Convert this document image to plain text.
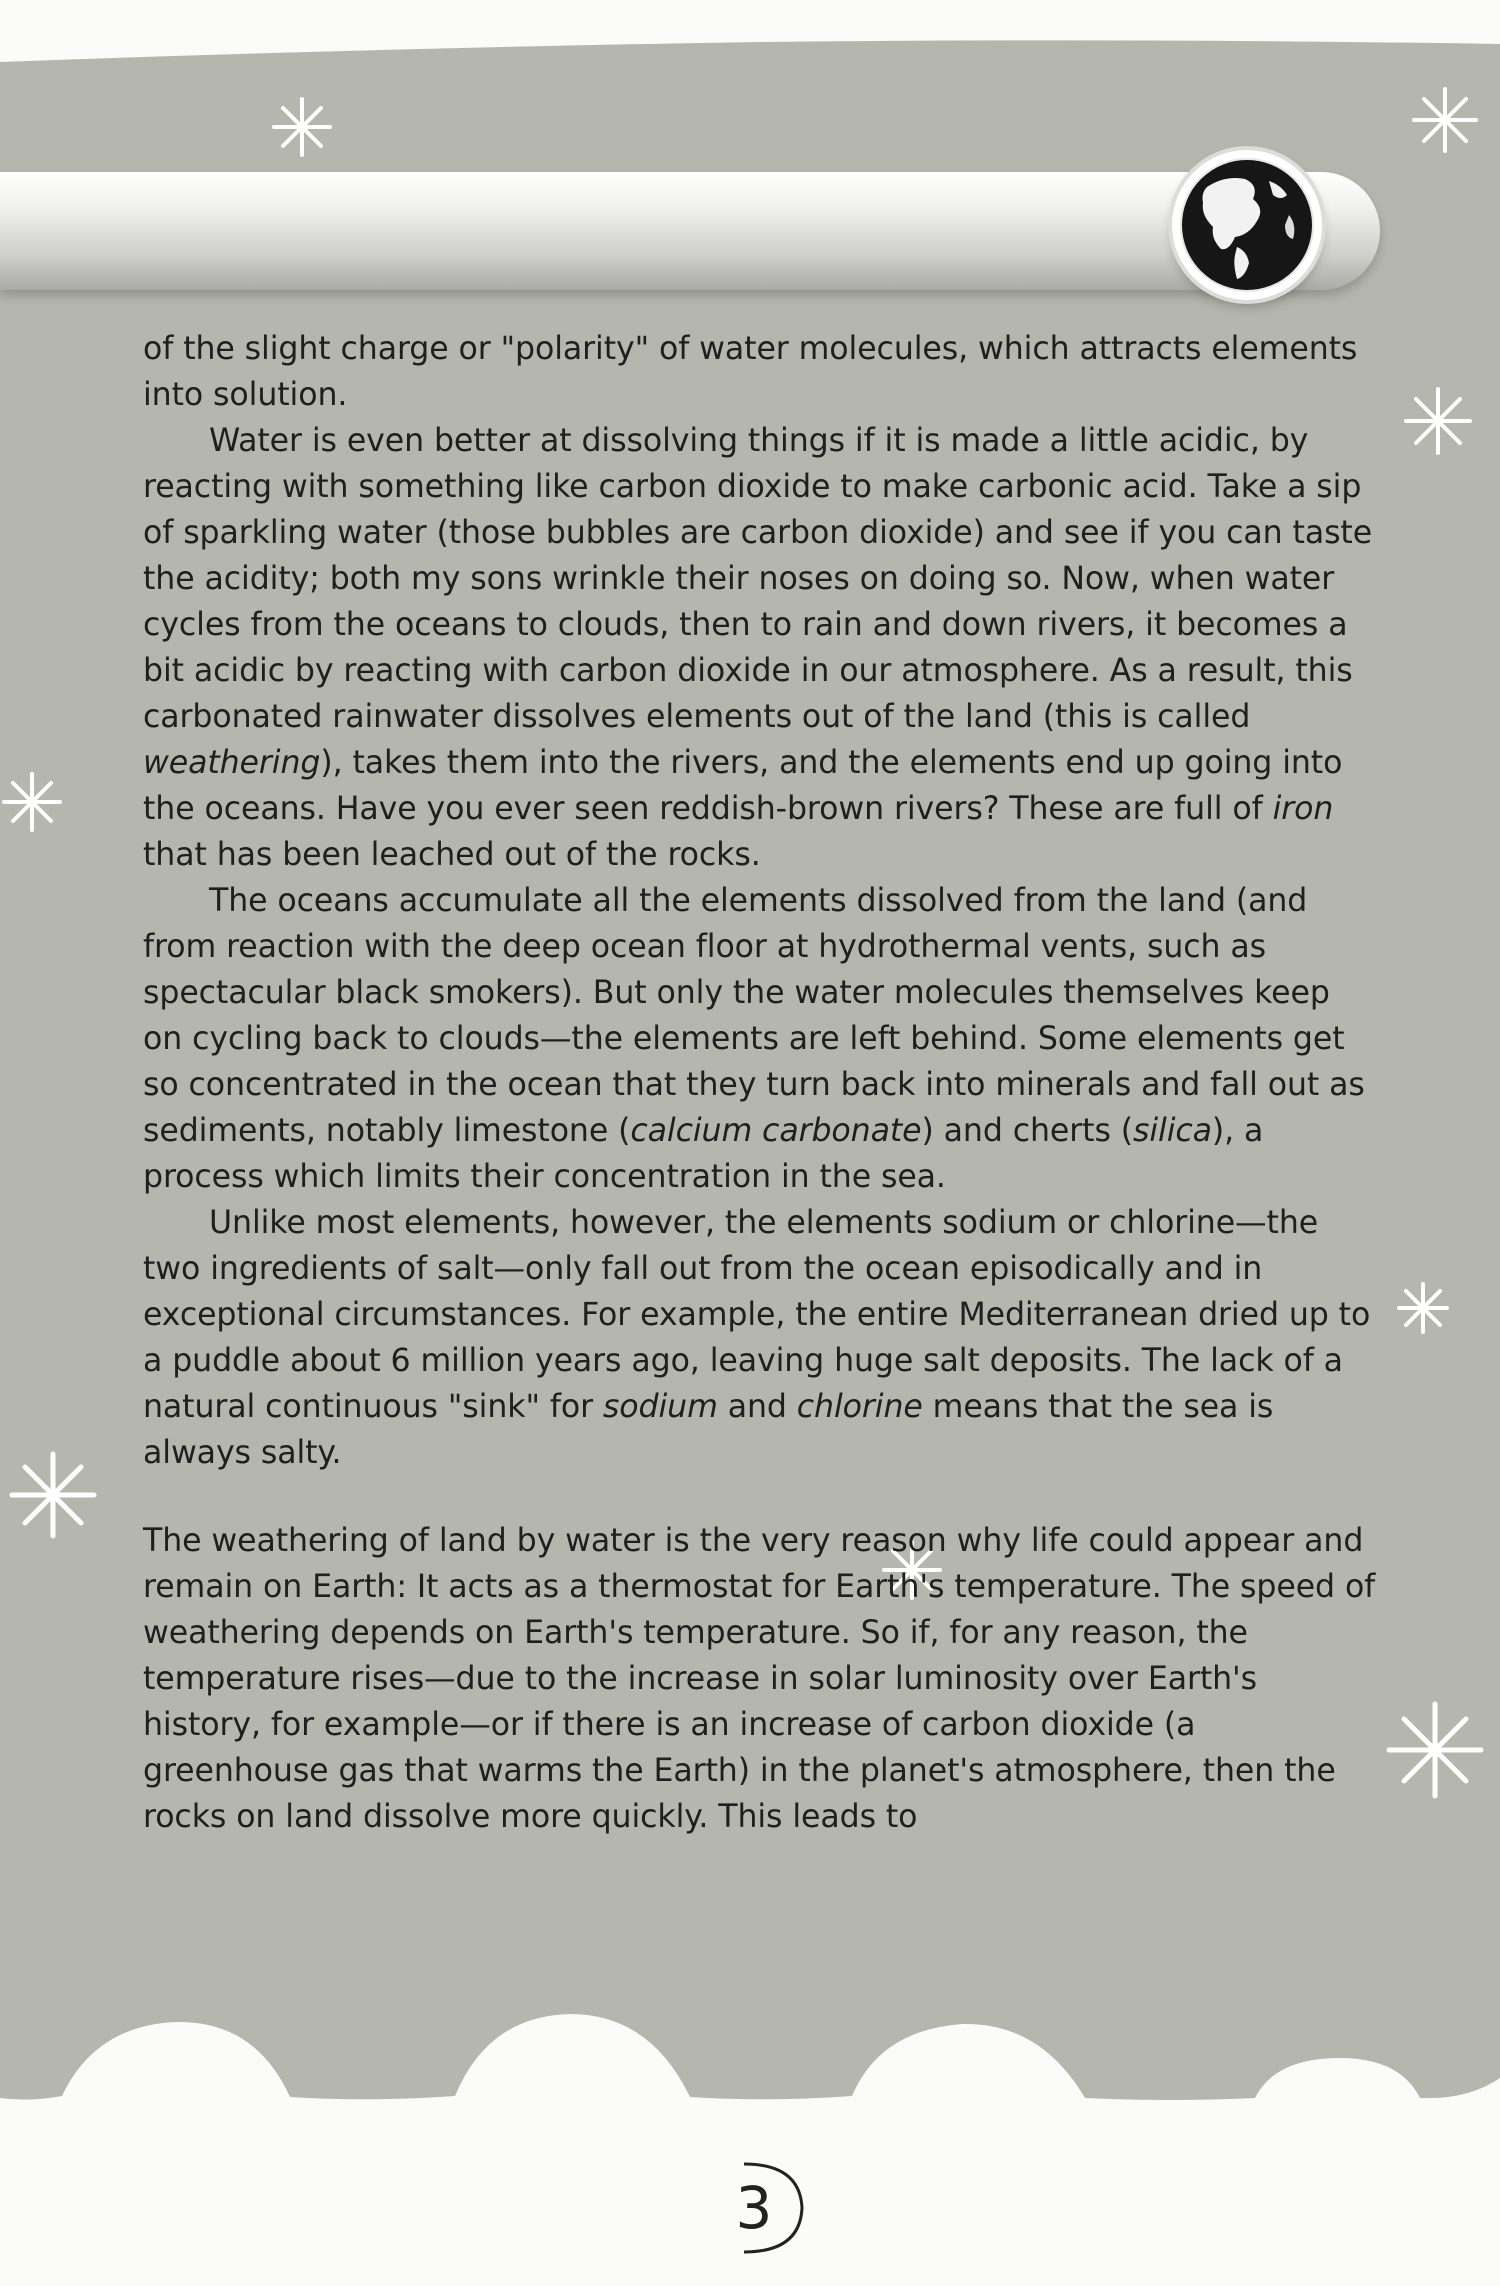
of the slight charge or "polarity" of water molecules, which attracts elements into solution.

Water is even better at dissolving things if it is made a little acidic, by reacting with something like carbon dioxide to make carbonic acid. Take a sip of sparkling water (those bubbles are carbon dioxide) and see if you can taste the acidity; both my sons wrinkle their noses on doing so. Now, when water cycles from the oceans to clouds, then to rain and down rivers, it becomes a bit acidic by reacting with carbon dioxide in our atmosphere. As a result, this carbonated rainwater dissolves elements out of the land (this is called weathering), takes them into the rivers, and the elements end up going into the oceans. Have you ever seen reddish-brown rivers? These are full of iron that has been leached out of the rocks.

The oceans accumulate all the elements dissolved from the land (and from reaction with the deep ocean floor at hydrothermal vents, such as spectacular black smokers). But only the water molecules themselves keep on cycling back to clouds—the elements are left behind. Some elements get so concentrated in the ocean that they turn back into minerals and fall out as sediments, notably limestone (calcium carbonate) and cherts (silica), a process which limits their concentration in the sea.

Unlike most elements, however, the elements sodium or chlorine—the two ingredients of salt—only fall out from the ocean episodically and in exceptional circumstances. For example, the entire Mediterranean dried up to a puddle about 6 million years ago, leaving huge salt deposits. The lack of a natural continuous "sink" for sodium and chlorine means that the sea is always salty.

The weathering of land by water is the very reason why life could appear and remain on Earth: It acts as a thermostat for Earth's temperature. The speed of weathering depends on Earth's temperature. So if, for any reason, the temperature rises—due to the increase in solar luminosity over Earth's history, for example—or if there is an increase of carbon dioxide (a greenhouse gas that warms the Earth) in the planet's atmosphere, then the rocks on land dissolve more quickly. This leads to

3
